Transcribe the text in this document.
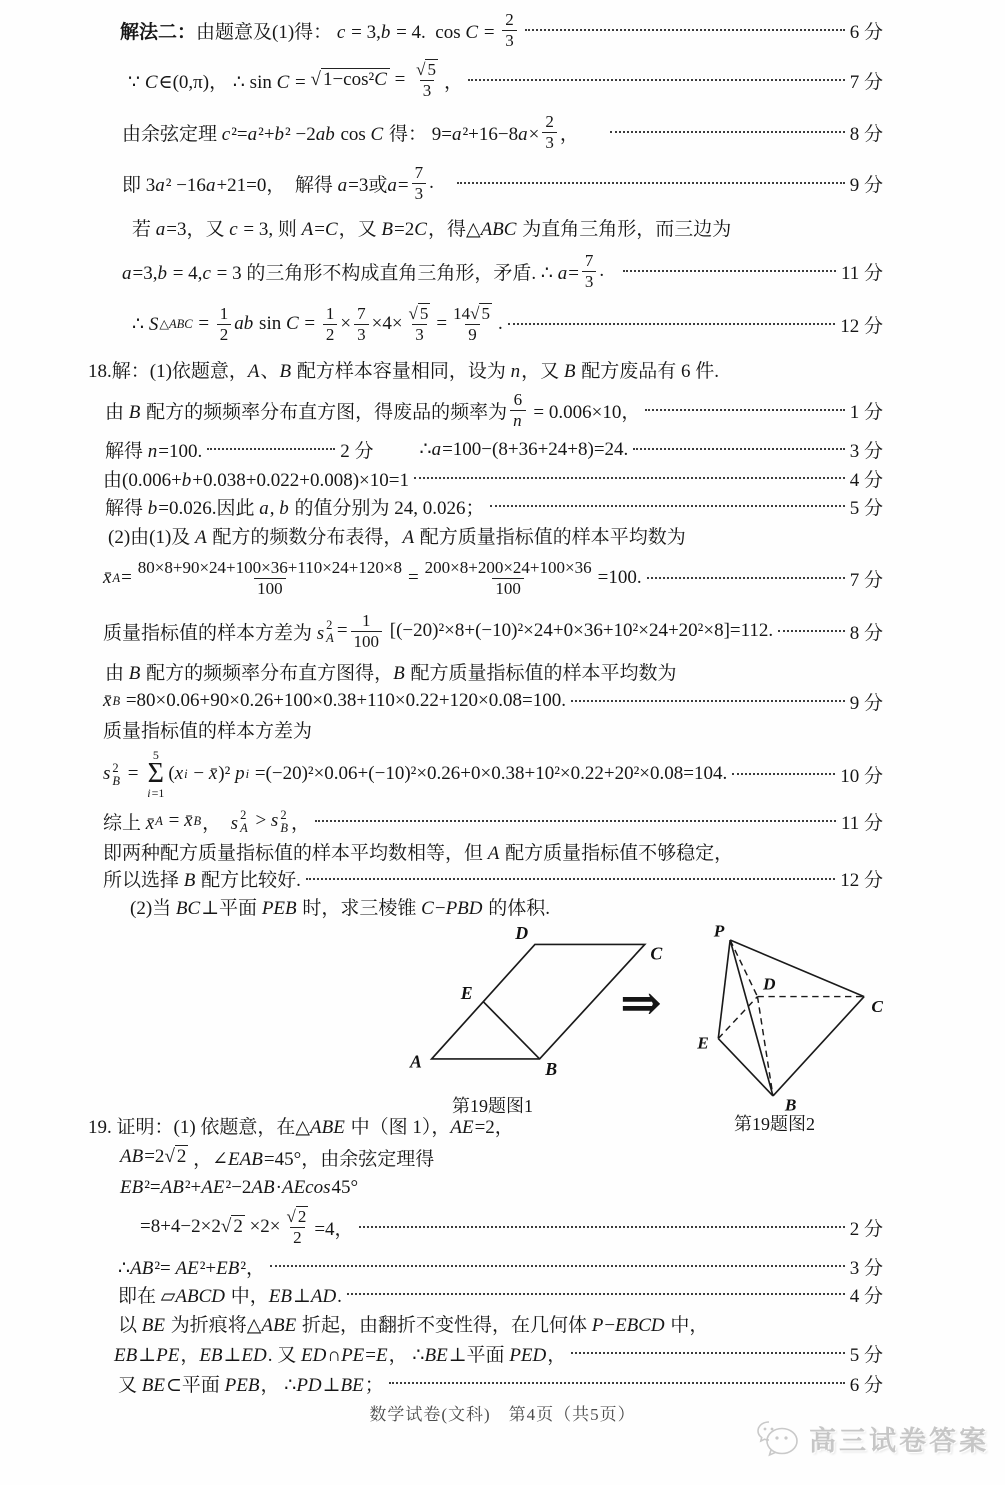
解法二： 由题意及(1)得： c = 3,b = 4.  $\cos C = \frac{2}{3}$	6 分
∵ C∈(0,π)， ∴ sin C = √ $1-\cos^2C = \frac{√ 5}{3}$ ，	7 分
由余弦定理 c²=a²+b² −2ab cos C 得： $9=a^2+16-8a\times \frac{2}{3}$ ，	8 分
即 3a² −16a+21=0，  解得 a=3或$a= \frac{7}{3}$ .	9 分
若 a=3，又 c = 3, 则 A=C，又 B=2C，得△ABC 为直角三角形，而三边为
a=3,b = 4,c = 3 的三角形不构成直角三角形，矛盾. ∴ $a= \frac{7}{3}$ .	11 分
∴ S △ABC = $\frac{1}{2}$ ab $\sin C = \frac{1}{2} \times \frac{7}{3} \times 4\times \frac{√ 5}{3} = \frac{14√ 5}{9}$ .	12 分
18.解：(1)依题意，A、B 配方样本容量相同，设为 n，又 B 配方废品有 6 件.
由 B 配方的频频率分布直方图，得废品的频率为 $\frac{6}{n} = 0.006\times 10$，	1 分
解得 n=100.	2 分 ∴a=100−(8+36+24+8)=24.	3 分
由(0.006+b+0.038+0.022+0.008)×10=1	4 分
解得 b=0.026.因此 a, b 的值分别为 24, 0.026；	5 分
(2)由(1)及 A 配方的频数分布表得，A 配方质量指标值的样本平均数为
x̄ $A = \frac{80\times 8+90\times 24+100\times 36+110\times 24+120\times 8}{100} = \frac{200\times 8+200\times 24+100\times 36}{100} =100$.	7 分
质量指标值的样本方差为 s 2
$A = \frac{1}{100} [(-20)^2\times 8+(-10)^2\times 24+0\times 36+10^2\times 24+20^2\times 8]=112$.	8 分
由 B 配方的频频率分布直方图得，B 配方质量指标值的样本平均数为
x̄ B =80×0.06+90×0.26+100×0.38+110×0.22+120×0.08=100.	9 分
质量指标值的样本方差为
s 2
B =
5
Σ
i=1
(x i − x̄)² p i =(−20)²×0.06+(−10)²×0.26+0×0.38+10²×0.22+20²×0.08=104.	10 分
综上 x̄ A = x̄ B ，  s 2
A > s 2
B ，	11 分
即两种配方质量指标值的样本平均数相等，但 A 配方质量指标值不够稳定，
所以选择 B 配方比较好.	12 分
(2)当 BC⊥平面 PEB 时，求三棱锥 C−PBD 的体积.
A	B
C
D
E	⇒
P
D
C
E
B
第19题图1
第19题图2
19. 证明：(1) 依题意，在△ABE 中（图 1），AE=2，
AB=2 √ 2 ，∠EAB=45°，由余弦定理得
EB²=AB²+AE²−2AB·AEcos45°
=8+4−2×2 √ $2 \times 2\times \frac{√ 2}{2} =4$，	2 分
∴AB²= AE²+EB²，	3 分
即在 ▱ABCD 中，EB⊥AD.	4 分
以 BE 为折痕将△ABE 折起，由翻折不变性得，在几何体 P−EBCD 中，
EB⊥PE，EB⊥ED. 又 ED∩PE=E， ∴BE⊥平面 PED，	5 分
又 BE⊂平面 PEB， ∴PD⊥BE；	6 分
数学试卷(文科)　第4页（共5页）
高三试卷答案
